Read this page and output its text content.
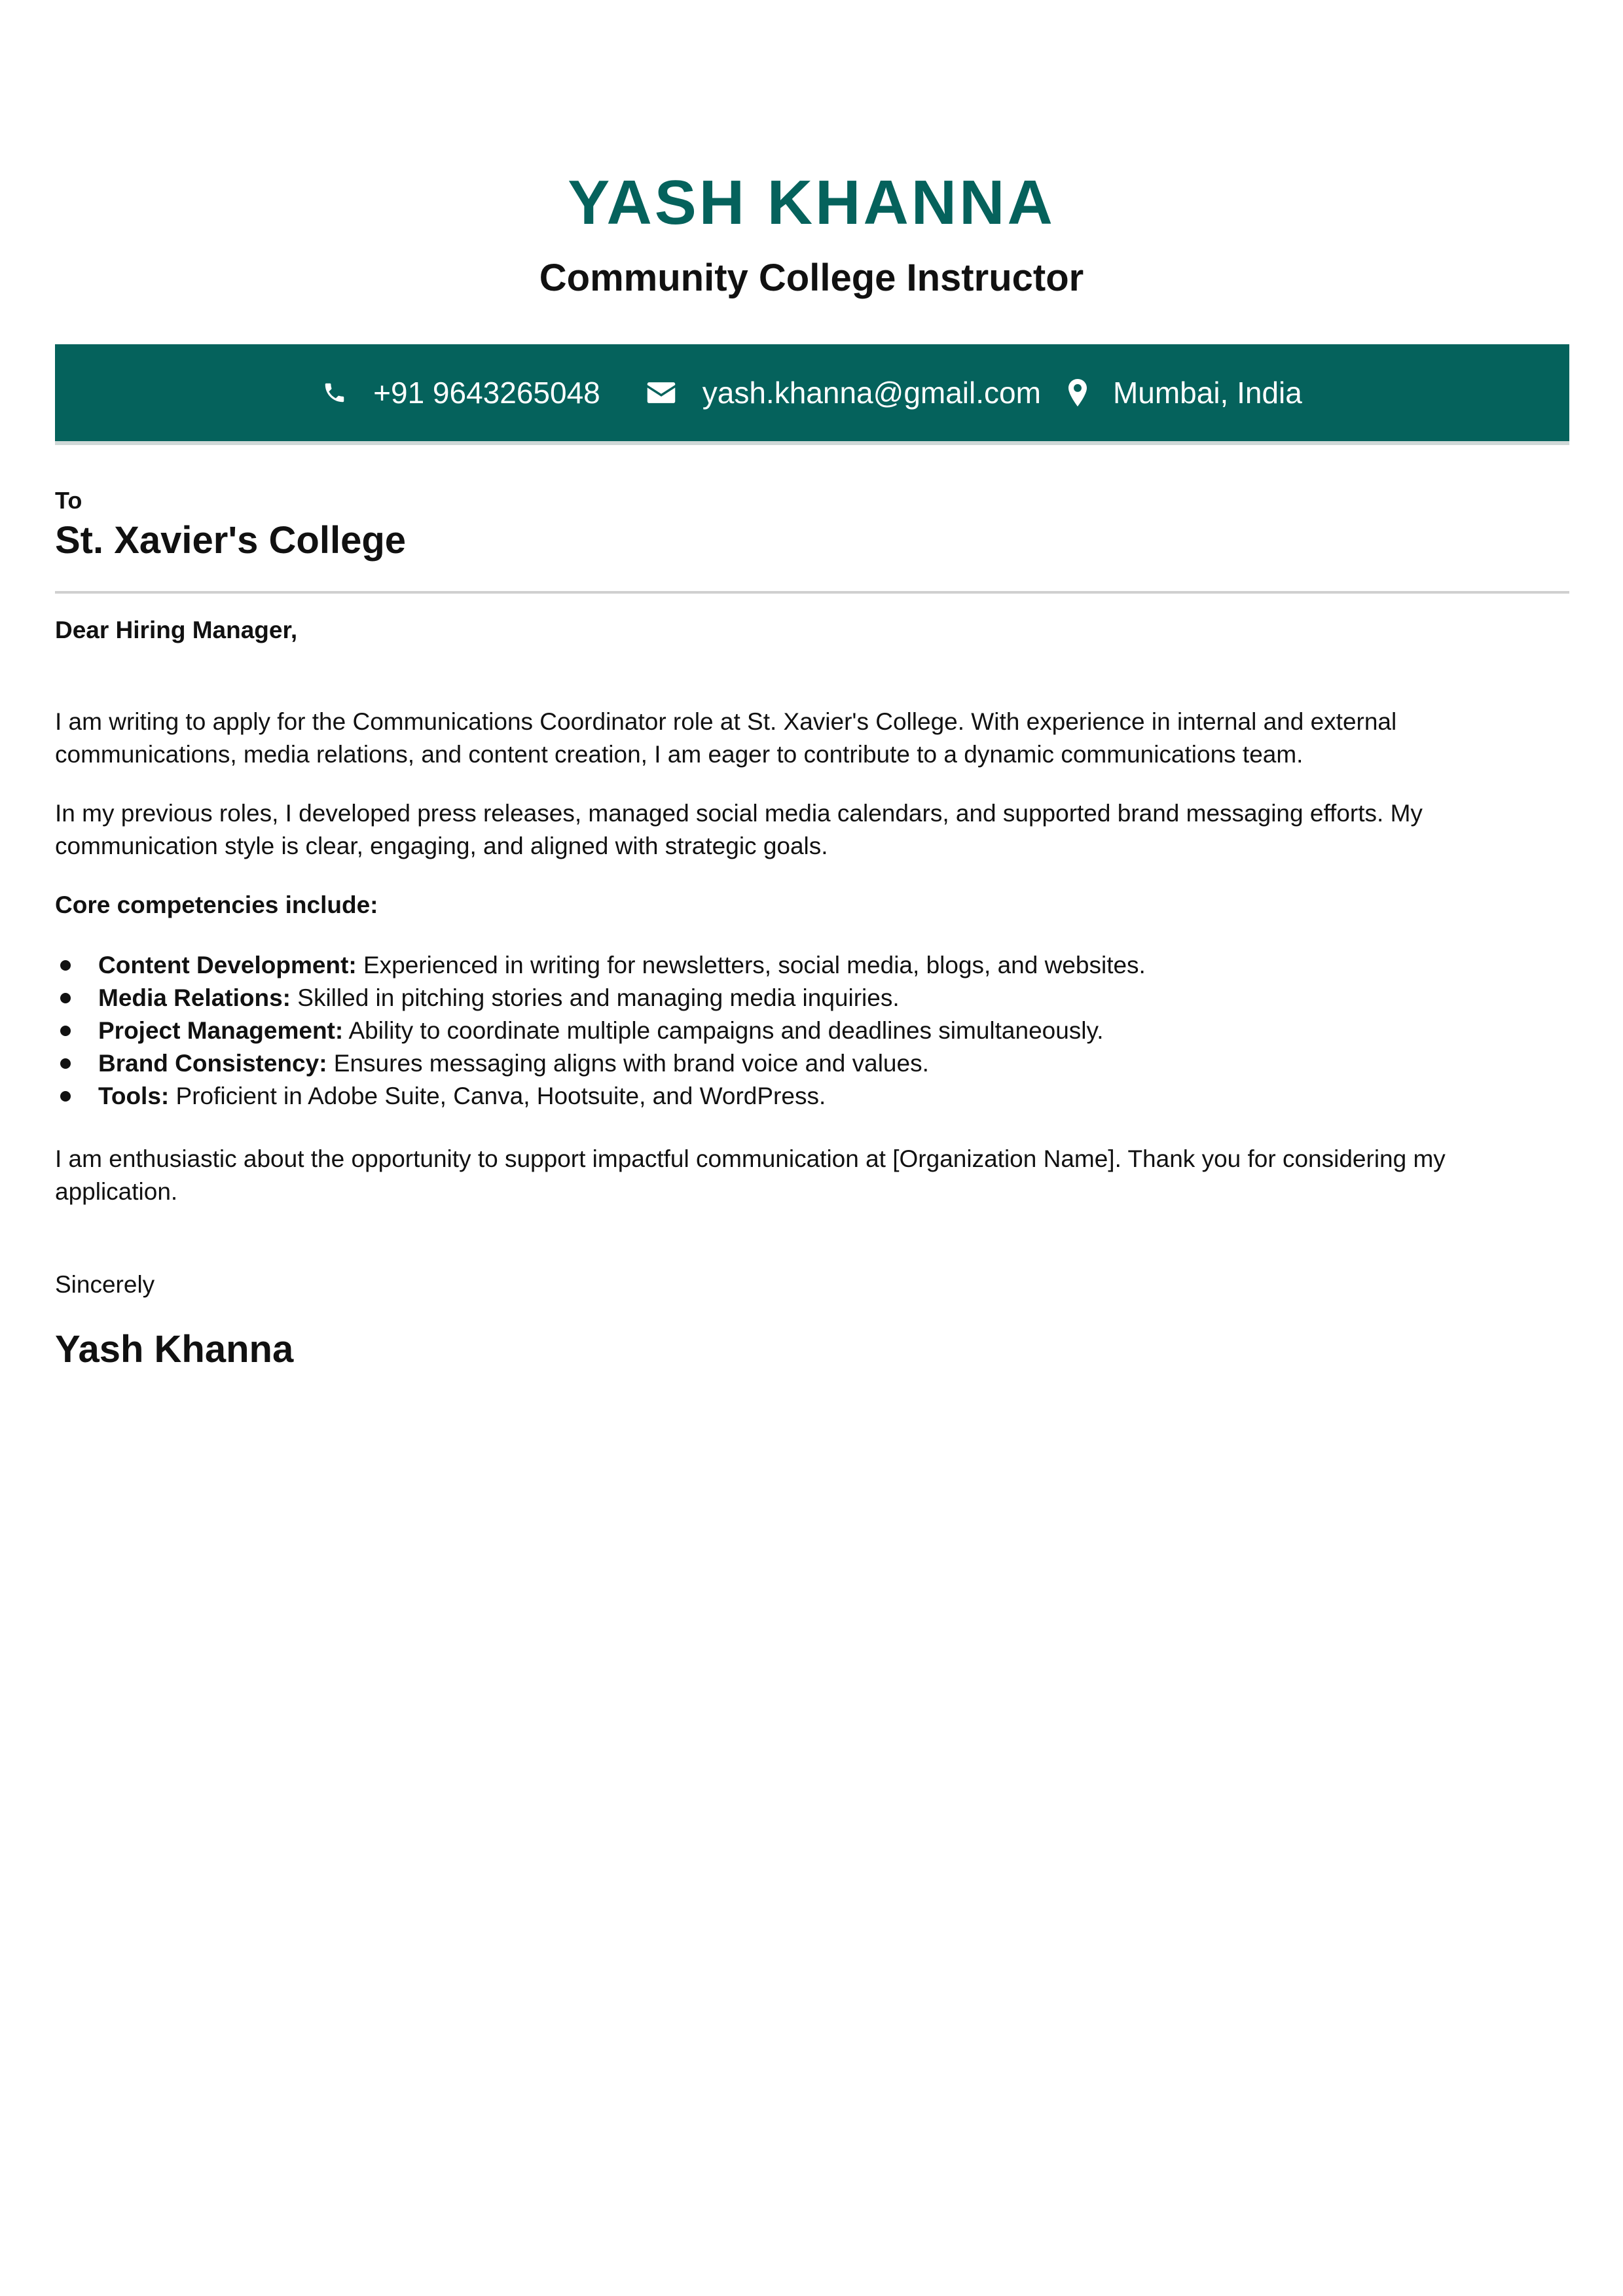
YASH KHANNA
Community College Instructor
+91 9643265048	yash.khanna@gmail.com Mumbai, India
To
St. Xavier's College
Dear Hiring Manager,
I am writing to apply for the Communications Coordinator role at St. Xavier's College. With experience in internal and external communications, media relations, and content creation, I am eager to contribute to a dynamic communications team.
In my previous roles, I developed press releases, managed social media calendars, and supported brand messaging efforts. My communication style is clear, engaging, and aligned with strategic goals.
Core competencies include:
Content Development: Experienced in writing for newsletters, social media, blogs, and websites.
Media Relations: Skilled in pitching stories and managing media inquiries.
Project Management: Ability to coordinate multiple campaigns and deadlines simultaneously.
Brand Consistency: Ensures messaging aligns with brand voice and values.
Tools: Proficient in Adobe Suite, Canva, Hootsuite, and WordPress.
I am enthusiastic about the opportunity to support impactful communication at [Organization Name]. Thank you for considering my application.
Sincerely
Yash Khanna
